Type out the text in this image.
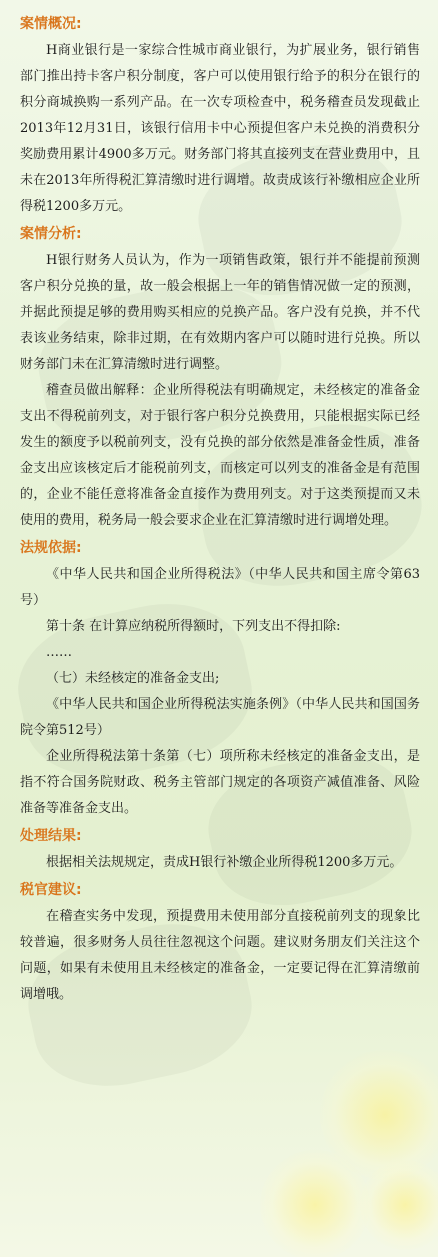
案情概况:

H商业银行是一家综合性城市商业银行，为扩展业务，银行销售部门推出持卡客户积分制度，客户可以使用银行给予的积分在银行的积分商城换购一系列产品。在一次专项检查中，税务稽查员发现截止2013年12月31日，该银行信用卡中心预提但客户未兑换的消费积分奖励费用累计4900多万元。财务部门将其直接列支在营业费用中，且未在2013年所得税汇算清缴时进行调增。故责成该行补缴相应企业所得税1200多万元。

案情分析:

H银行财务人员认为，作为一项销售政策，银行并不能提前预测客户积分兑换的量，故一般会根据上一年的销售情况做一定的预测，并据此预提足够的费用购买相应的兑换产品。客户没有兑换，并不代表该业务结束，除非过期，在有效期内客户可以随时进行兑换。所以财务部门未在汇算清缴时进行调整。

稽查员做出解释：企业所得税法有明确规定，未经核定的准备金支出不得税前列支，对于银行客户积分兑换费用，只能根据实际已经发生的额度予以税前列支，没有兑换的部分依然是准备金性质，准备金支出应该核定后才能税前列支，而核定可以列支的准备金是有范围的，企业不能任意将准备金直接作为费用列支。对于这类预提而又未使用的费用，税务局一般会要求企业在汇算清缴时进行调增处理。

法规依据:

《中华人民共和国企业所得税法》（中华人民共和国主席令第63号）

第十条 在计算应纳税所得额时，下列支出不得扣除:

……

（七）未经核定的准备金支出;

《中华人民共和国企业所得税法实施条例》（中华人民共和国国务院令第512号）

企业所得税法第十条第（七）项所称未经核定的准备金支出，是指不符合国务院财政、税务主管部门规定的各项资产减值准备、风险准备等准备金支出。

处理结果:

根据相关法规规定，责成H银行补缴企业所得税1200多万元。

税官建议:

在稽查实务中发现，预提费用未使用部分直接税前列支的现象比较普遍，很多财务人员往往忽视这个问题。建议财务朋友们关注这个问题，如果有未使用且未经核定的准备金，一定要记得在汇算清缴前调增哦。
